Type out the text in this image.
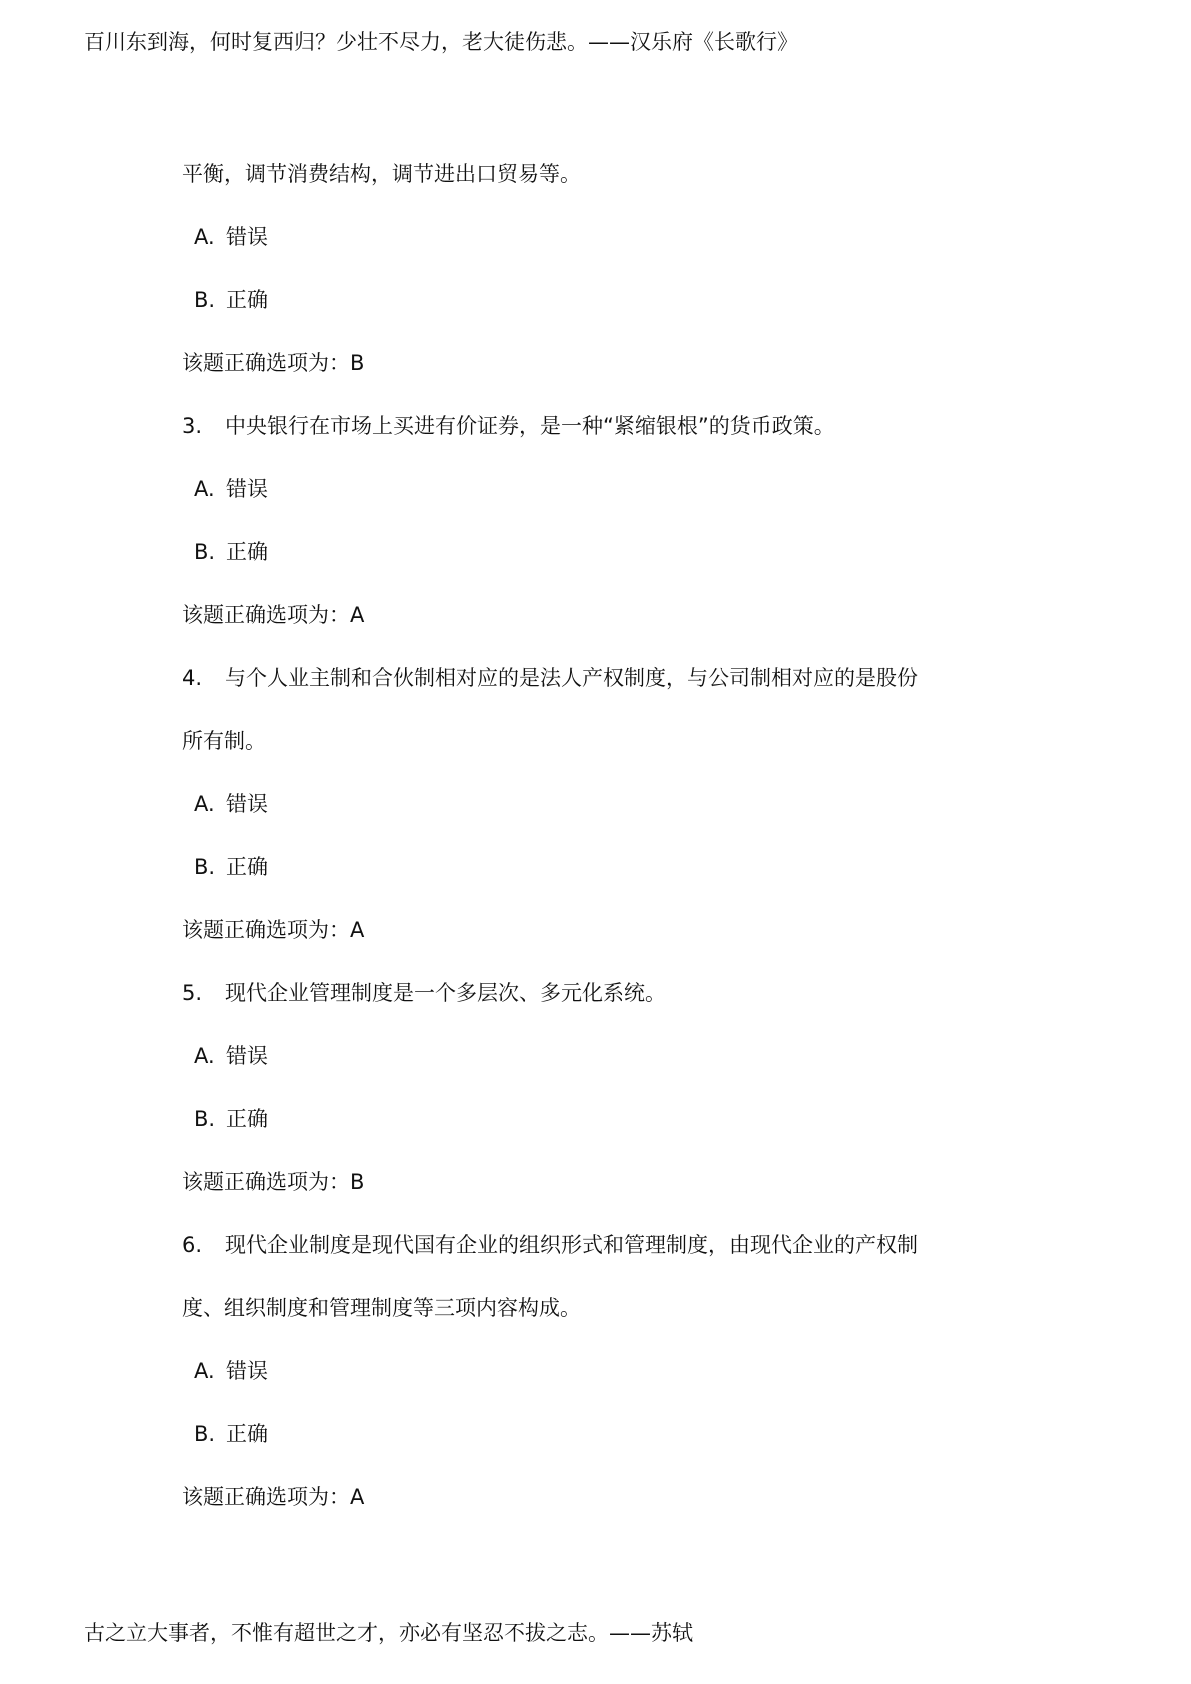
百川东到海，何时复西归？少壮不尽力，老大徒伤悲。——汉乐府《长歌行》
平衡，调节消费结构，调节进出口贸易等。
A. 错误
B. 正确
该题正确选项为：B
3. 中央银行在市场上买进有价证券，是一种“紧缩银根”的货币政策。
A. 错误
B. 正确
该题正确选项为：A
4. 与个人业主制和合伙制相对应的是法人产权制度，与公司制相对应的是股份
所有制。
A. 错误
B. 正确
该题正确选项为：A
5. 现代企业管理制度是一个多层次、多元化系统。
A. 错误
B. 正确
该题正确选项为：B
6. 现代企业制度是现代国有企业的组织形式和管理制度，由现代企业的产权制
度、组织制度和管理制度等三项内容构成。
A. 错误
B. 正确
该题正确选项为：A
古之立大事者，不惟有超世之才，亦必有坚忍不拔之志。——苏轼
